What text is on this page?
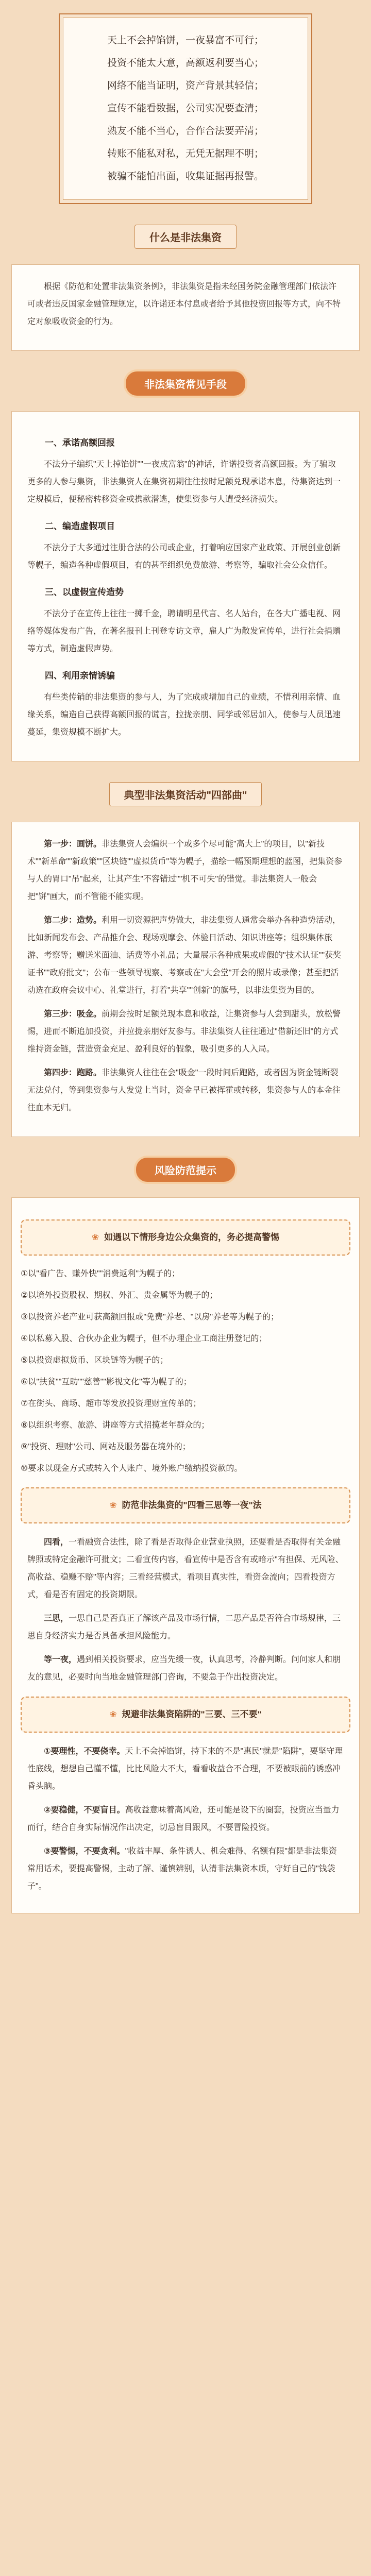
天上不会掉馅饼，一夜暴富不可行；
投资不能太大意，高额返利要当心；
网络不能当证明，资产背景其轻信；
宣传不能看数据，公司实况要查清；
熟友不能不当心，合作合法要弄清；
转账不能私对私，无凭无据理不明；
被骗不能怕出面，收集证据再报警。
什么是非法集资

根据《防范和处置非法集资条例》，非法集资是指未经国务院金融管理部门依法许可或者违反国家金融管理规定，以许诺还本付息或者给予其他投资回报等方式，向不特定对象吸收资金的行为。

非法集资常见手段
一、承诺高额回报

不法分子编织"天上掉馅饼""一夜成富翁"的神话，许诺投资者高额回报。为了骗取更多的人参与集资，非法集资人在集资初期往往按时足额兑现承诺本息，待集资达到一定规模后，便秘密转移资金或携款潜逃，使集资参与人遭受经济损失。

二、编造虚假项目

不法分子大多通过注册合法的公司或企业，打着响应国家产业政策、开展创业创新等幌子，编造各种虚假项目，有的甚至组织免费旅游、考察等，骗取社会公众信任。

三、以虚假宣传造势

不法分子在宣传上往往一掷千金，聘请明星代言、名人站台，在各大广播电视、网络等媒体发布广告，在著名报刊上刊登专访文章，雇人广为散发宣传单，进行社会捐赠等方式，制造虚假声势。

四、利用亲情诱骗

有些类传销的非法集资的参与人，为了完成或增加自己的业绩，不惜利用亲情、血缘关系，编造自己获得高额回报的谎言，拉拢亲朋、同学或邻居加入，使参与人员迅速蔓延，集资规模不断扩大。

典型非法集资活动"四部曲"

第一步：画饼。非法集资人会编织一个或多个尽可能"高大上"的项目，以"新技术""新革命""新政策""区块链""虚拟货币"等为幌子，描绘一幅预期理想的蓝图，把集资参与人的胃口"吊"起来，让其产生"不容错过""机不可失"的错觉。非法集资人一般会把"饼"画大，而不管能不能实现。

第二步：造势。利用一切资源把声势做大，非法集资人通常会举办各种造势活动，比如新闻发布会、产品推介会、现场观摩会、体验日活动、知识讲座等；组织集体旅游、考察等；赠送米面油、话费等小礼品；大量展示各种成果或虚假的"技术认证""获奖证书""政府批文"；公布一些领导视察、考察或在"大会堂"开会的照片或录像；甚至把活动选在政府会议中心、礼堂进行，打着"共享""创新"的旗号，以非法集资为目的。

第三步：吸金。前期会按时足额兑现本息和收益，让集资参与人尝到甜头，放松警惕，进而不断追加投资，并拉拢亲朋好友参与。非法集资人往往通过"借新还旧"的方式维持资金链，营造资金充足、盈利良好的假象，吸引更多的人入局。

第四步：跑路。非法集资人往往在会"吸金"一段时间后跑路，或者因为资金链断裂无法兑付，等到集资参与人发觉上当时，资金早已被挥霍或转移，集资参与人的本金往往血本无归。

风险防范提示
❀ 如遇以下情形身边公众集资的，务必提高警惕
①以"看广告、赚外快""消费返利"为幌子的；
②以境外投资股权、期权、外汇、贵金属等为幌子的；
③以投资养老产业可获高额回报或"免费"养老、"以房"养老等为幌子的；
④以私募入股、合伙办企业为幌子，但不办理企业工商注册登记的；
⑤以投资虚拟货币、区块链等为幌子的；
⑥以"扶贫""互助""慈善""影视文化"等为幌子的；
⑦在街头、商场、超市等发放投资理财宣传单的；
⑧以组织考察、旅游、讲座等方式招揽老年群众的；
⑨"投资、理财"公司、网站及服务器在境外的；
⑩要求以现金方式或转入个人账户、境外账户缴纳投资款的。
❀ 防范非法集资的"四看三思等一夜"法

四看，一看融资合法性，除了看是否取得企业营业执照，还要看是否取得有关金融牌照或特定金融许可批文；二看宣传内容，看宣传中是否含有或暗示"有担保、无风险、高收益、稳赚不赔"等内容；三看经营模式，看项目真实性，看资金流向；四看投资方式，看是否有固定的投资期限。

三思，一思自己是否真正了解该产品及市场行情，二思产品是否符合市场规律，三思自身经济实力是否具备承担风险能力。

等一夜，遇到相关投资要求，应当先缓一夜，认真思考，冷静判断。问问家人和朋友的意见，必要时向当地金融管理部门咨询，不要急于作出投资决定。

❀ 规避非法集资陷阱的"三要、三不要"

①要理性，不要侥幸。天上不会掉馅饼，持下来的不是"惠民"就是"陷阱"，要坚守理性底线，想想自己懂不懂，比比风险大不大，看看收益合不合理，不要被眼前的诱惑冲昏头脑。

②要稳健，不要盲目。高收益意味着高风险，还可能是设下的圈套，投资应当量力而行，结合自身实际情况作出决定，切忌盲目跟风，不要冒险投资。

③要警惕，不要贪利。"收益丰厚、条件诱人、机会难得、名额有限"都是非法集资常用话术，要提高警惕，主动了解、谨慎辨别，认清非法集资本质，守好自己的"钱袋子"。
